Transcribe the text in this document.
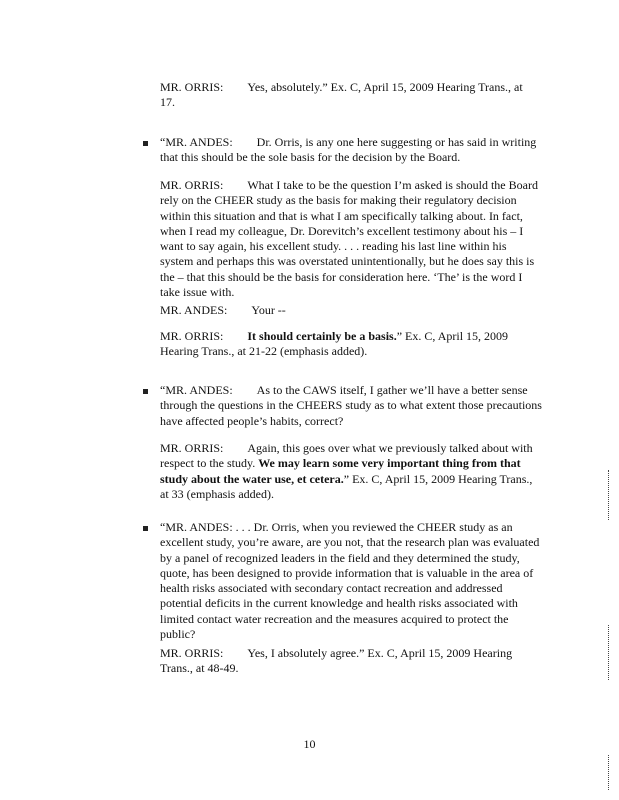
MR. ORRIS:  Yes, absolutely.” Ex. C, April 15, 2009 Hearing Trans., at
17.

“MR. ANDES:  Dr. Orris, is any one here suggesting or has said in writing that this should be the sole basis for the decision by the Board.

MR. ORRIS:  What I take to be the question I’m asked is should the Board rely on the CHEER study as the basis for making their regulatory decision within this situation and that is what I am specifically talking about. In fact, when I read my colleague, Dr. Dorevitch’s excellent testimony about his – I want to say again, his excellent study. . . . reading his last line within his system and perhaps this was overstated unintentionally, but he does say this is the – that this should be the basis for consideration here. ‘The’ is the word I take issue with.

MR. ANDES:  Your --

MR. ORRIS:  It should certainly be a basis.” Ex. C, April 15, 2009 Hearing Trans., at 21-22 (emphasis added).

“MR. ANDES:  As to the CAWS itself, I gather we’ll have a better sense through the questions in the CHEERS study as to what extent those precautions have affected people’s habits, correct?

MR. ORRIS:  Again, this goes over what we previously talked about with respect to the study. We may learn some very important thing from that study about the water use, et cetera.” Ex. C, April 15, 2009 Hearing Trans., at 33 (emphasis added).

“MR. ANDES: . . . Dr. Orris, when you reviewed the CHEER study as an excellent study, you’re aware, are you not, that the research plan was evaluated by a panel of recognized leaders in the field and they determined the study, quote, has been designed to provide information that is valuable in the area of health risks associated with secondary contact recreation and addressed potential deficits in the current knowledge and health risks associated with limited contact water recreation and the measures acquired to protect the public?

MR. ORRIS:  Yes, I absolutely agree.” Ex. C, April 15, 2009 Hearing Trans., at 48-49.

10
